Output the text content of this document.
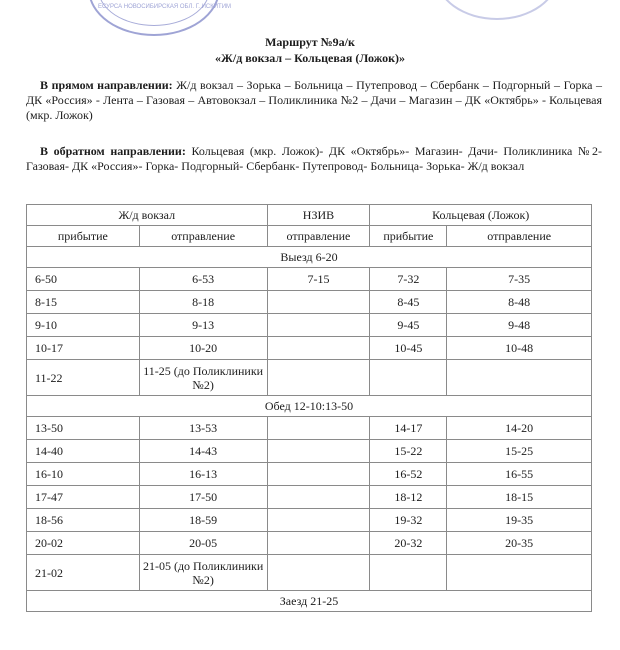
ЕСУРСА НОВОСИБИРСКАЯ ОБЛ. Г. ИСКИТИМ
Маршрут №9а/к
«Ж/д вокзал – Кольцевая (Ложок)»
В прямом направлении: Ж/д вокзал – Зорька – Больница – Путепровод – Сбербанк – Подгорный – Горка – ДК «Россия» - Лента – Газовая – Автовокзал – Поликлиника №2 – Дачи – Магазин – ДК «Октябрь» - Кольцевая (мкр. Ложок)
В обратном направлении: Кольцевая (мкр. Ложок)- ДК «Октябрь»- Магазин- Дачи- Поликлиника №2- Газовая- ДК «Россия»- Горка- Подгорный- Сбербанк- Путепровод- Больница- Зорька- Ж/д вокзал
Ж/д вокзал		НЗИВ	Кольцевая (Ложок)	
прибытие	отправление	отправление	прибытие	отправление
Выезд 6-20				
6-50	6-53	7-15	7-32	7-35
8-15	8-18		8-45	8-48
9-10	9-13		9-45	9-48
10-17	10-20		10-45	10-48
11-22	11-25 (до Поликлиники №2)			
Обед 12-10:13-50				
13-50	13-53		14-17	14-20
14-40	14-43		15-22	15-25
16-10	16-13		16-52	16-55
17-47	17-50		18-12	18-15
18-56	18-59		19-32	19-35
20-02	20-05		20-32	20-35
21-02	21-05 (до Поликлиники №2)			
Заезд 21-25				
